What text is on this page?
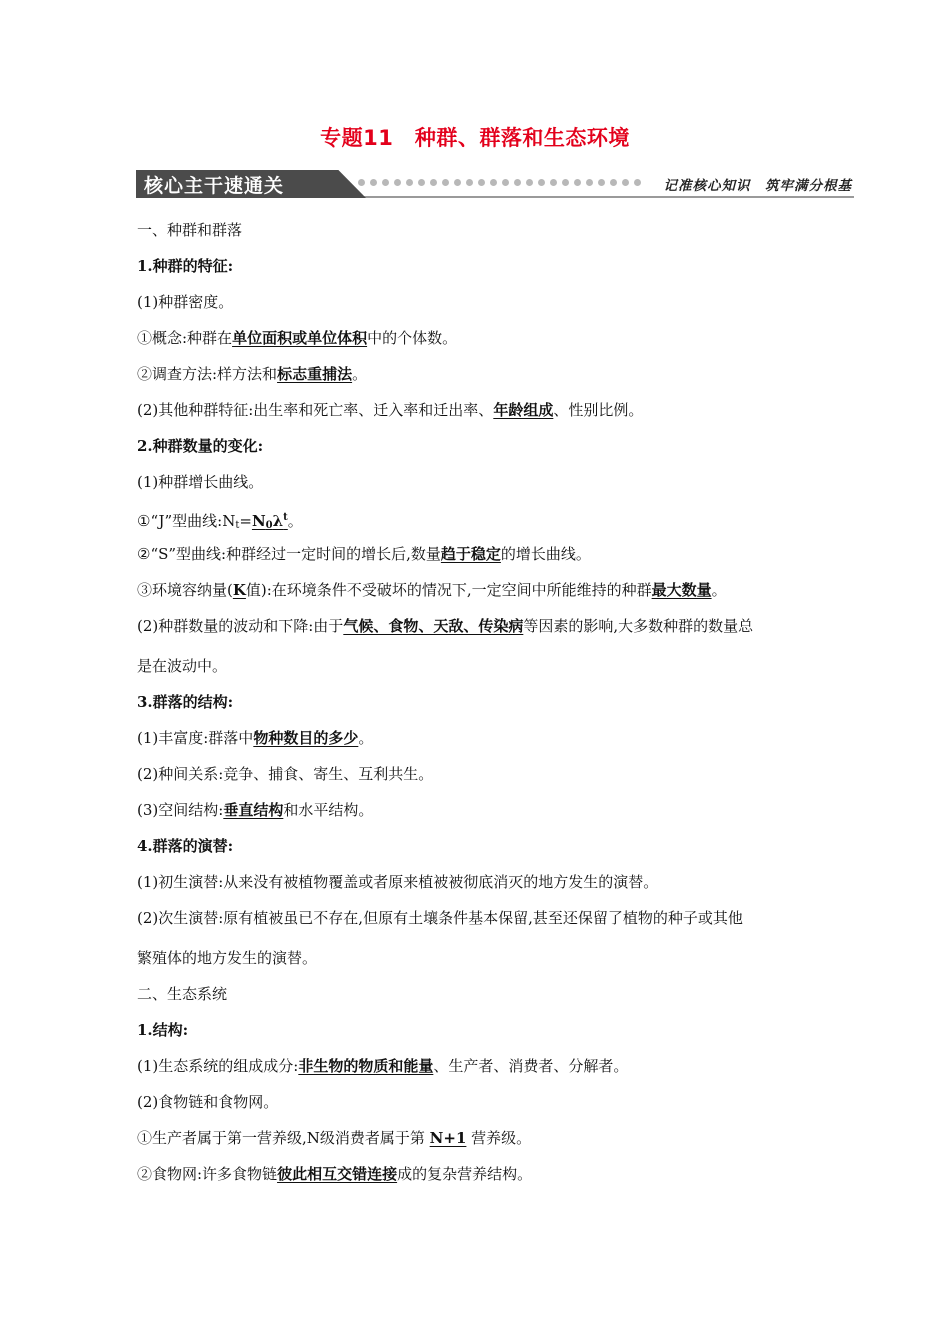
专题11　种群、群落和生态环境
核心主干速通关	记准核心知识　筑牢满分根基
一、种群和群落
1.种群的特征:
(1)种群密度。
①概念:种群在单位面积或单位体积中的个体数。
②调查方法:样方法和标志重捕法。
(2)其他种群特征:出生率和死亡率、迁入率和迁出率、年龄组成、性别比例。
2.种群数量的变化:
(1)种群增长曲线。
①“J”型曲线$:N_t=N_0\lambda^t$。
②“S”型曲线:种群经过一定时间的增长后,数量趋于稳定的增长曲线。
③环境容纳量(K值):在环境条件不受破坏的情况下,一定空间中所能维持的种群最大数量。
(2)种群数量的波动和下降:由于气候、食物、天敌、传染病等因素的影响,大多数种群的数量总
是在波动中。
3.群落的结构:
(1)丰富度:群落中物种数目的多少。
(2)种间关系:竞争、捕食、寄生、互利共生。
(3)空间结构:垂直结构和水平结构。
4.群落的演替:
(1)初生演替:从来没有被植物覆盖或者原来植被被彻底消灭的地方发生的演替。
(2)次生演替:原有植被虽已不存在,但原有土壤条件基本保留,甚至还保留了植物的种子或其他
繁殖体的地方发生的演替。
二、生态系统
1.结构:
(1)生态系统的组成成分:非生物的物质和能量、生产者、消费者、分解者。
(2)食物链和食物网。
①生产者属于第一营养级,N级消费者属于第 N+1 营养级。
②食物网:许多食物链彼此相互交错连接成的复杂营养结构。
